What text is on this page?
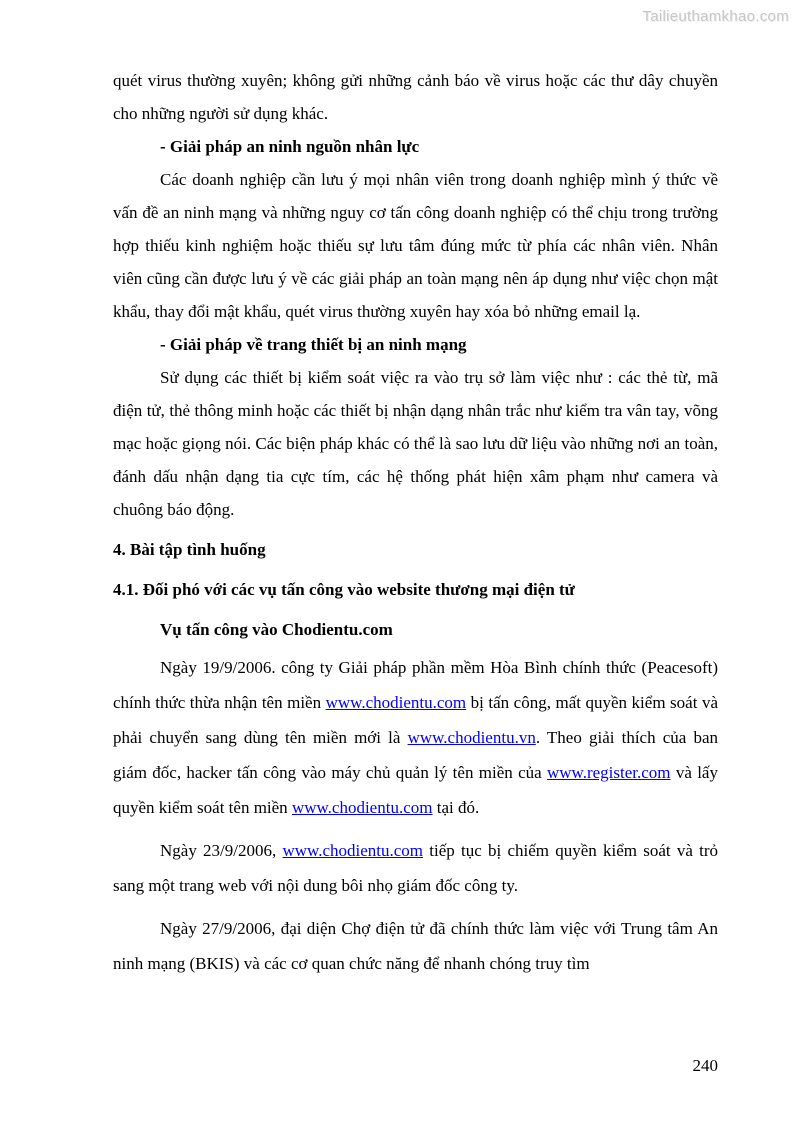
Tailieuthamkhao.com

quét virus thường xuyên; không gửi những cảnh báo về virus hoặc các thư dây chuyền cho những người sử dụng khác.

- Giải pháp an ninh nguồn nhân lực

Các doanh nghiệp cần lưu ý mọi nhân viên trong doanh nghiệp mình ý thức về vấn đề an ninh mạng và những nguy cơ tấn công doanh nghiệp có thể chịu trong trường hợp thiếu kinh nghiệm hoặc thiếu sự lưu tâm đúng mức từ phía các nhân viên. Nhân viên cũng cần được lưu ý về các giải pháp an toàn mạng nên áp dụng như việc chọn mật khẩu, thay đổi mật khẩu, quét virus thường xuyên hay xóa bỏ những email lạ.

- Giải pháp về trang thiết bị an ninh mạng

Sử dụng các thiết bị kiểm soát việc ra vào trụ sở làm việc như : các thẻ từ, mã điện tử, thẻ thông minh hoặc các thiết bị nhận dạng nhân trắc như kiểm tra vân tay, võng mạc hoặc giọng nói. Các biện pháp khác có thể là sao lưu dữ liệu vào những nơi an toàn, đánh dấu nhận dạng tia cực tím, các hệ thống phát hiện xâm phạm như camera và chuông báo động.

4. Bài tập tình huống

4.1. Đối phó với các vụ tấn công vào website thương mại điện tử

Vụ tấn công vào Chodientu.com

Ngày 19/9/2006. công ty Giải pháp phần mềm Hòa Bình chính thức (Peacesoft) chính thức thừa nhận tên miền www.chodientu.com bị tấn công, mất quyền kiểm soát và phải chuyển sang dùng tên miền mới là www.chodientu.vn. Theo giải thích của ban giám đốc, hacker tấn công vào máy chủ quản lý tên miền của www.register.com và lấy quyền kiểm soát tên miền www.chodientu.com tại đó.

Ngày 23/9/2006, www.chodientu.com tiếp tục bị chiếm quyền kiểm soát và trỏ sang một trang web với nội dung bôi nhọ giám đốc công ty.

Ngày 27/9/2006, đại diện Chợ điện tử đã chính thức làm việc với Trung tâm An ninh mạng (BKIS) và các cơ quan chức năng để nhanh chóng truy tìm

240
